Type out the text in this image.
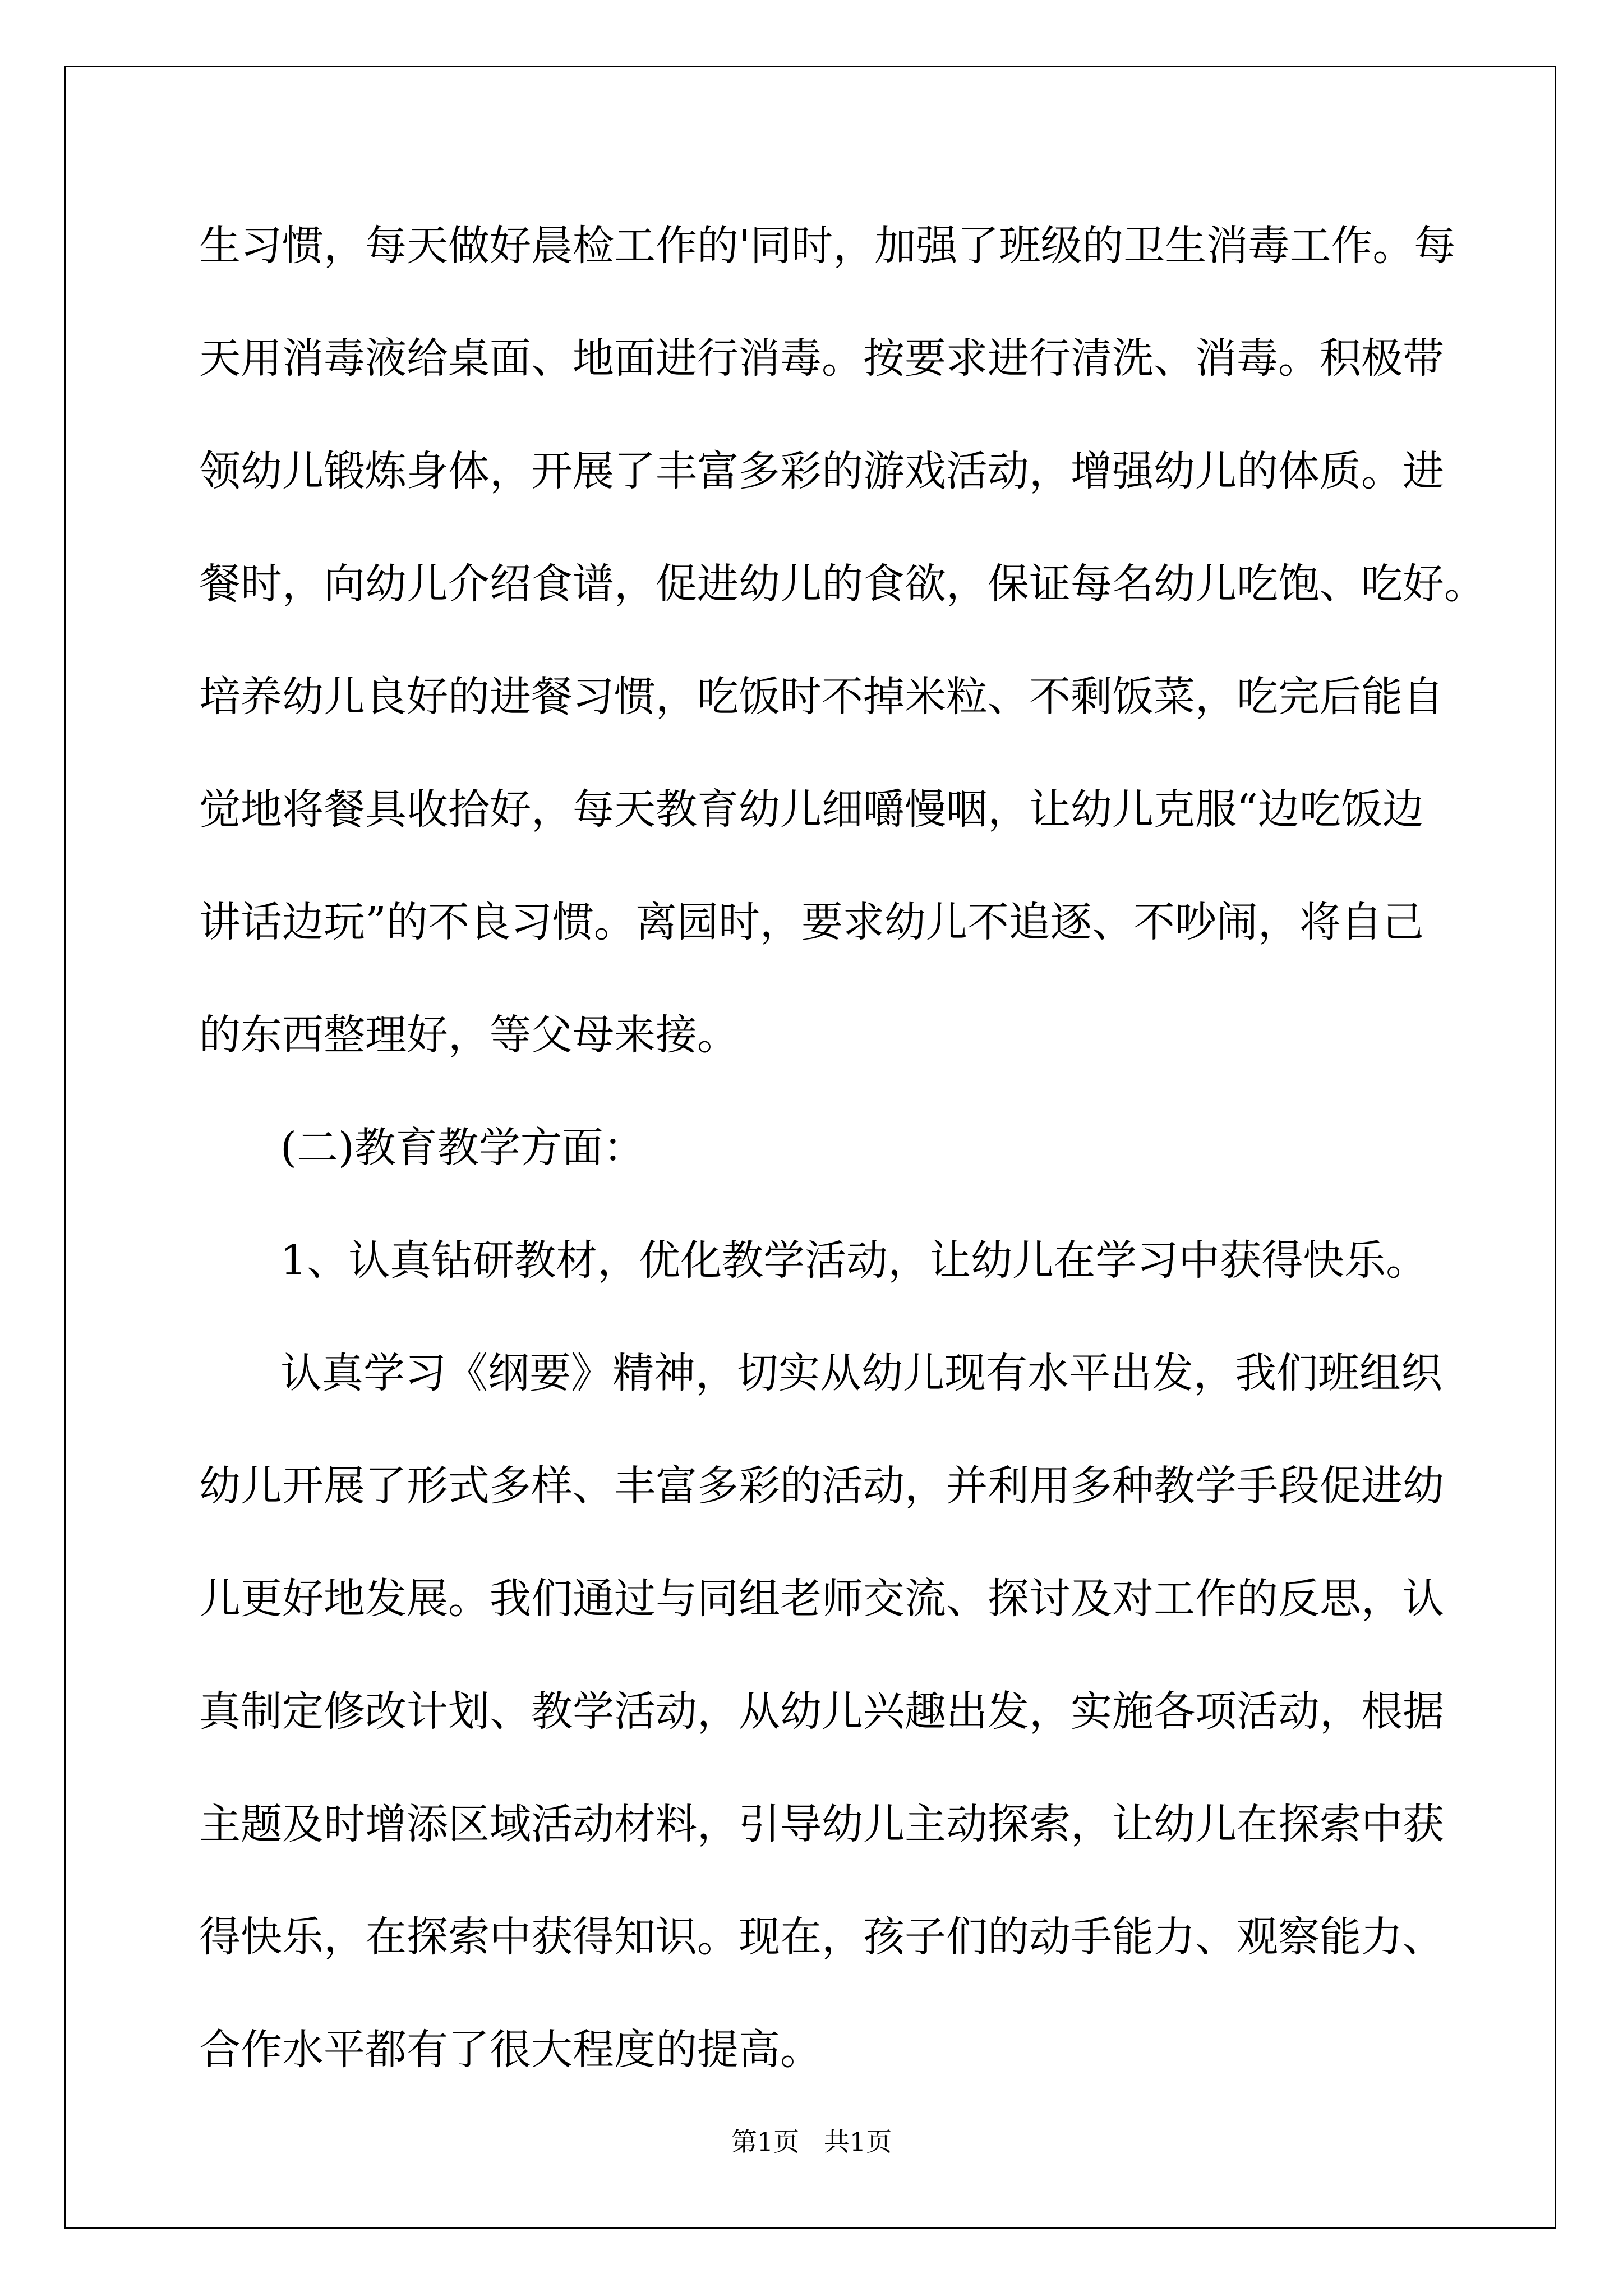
生习惯，每天做好晨检工作的'同时，加强了班级的卫生消毒工作。每

天用消毒液给桌面、地面进行消毒。按要求进行清洗、消毒。积极带

领幼儿锻炼身体，开展了丰富多彩的游戏活动，增强幼儿的体质。进

餐时，向幼儿介绍食谱，促进幼儿的食欲，保证每名幼儿吃饱、吃好。

培养幼儿良好的进餐习惯，吃饭时不掉米粒、不剩饭菜，吃完后能自

觉地将餐具收拾好，每天教育幼儿细嚼慢咽，让幼儿克服“边吃饭边

讲话边玩”的不良习惯。离园时，要求幼儿不追逐、不吵闹，将自己

的东西整理好，等父母来接。

(二)教育教学方面：

1、认真钻研教材，优化教学活动，让幼儿在学习中获得快乐。

认真学习《纲要》精神，切实从幼儿现有水平出发，我们班组织

幼儿开展了形式多样、丰富多彩的活动，并利用多种教学手段促进幼

儿更好地发展。我们通过与同组老师交流、探讨及对工作的反思，认

真制定修改计划、教学活动，从幼儿兴趣出发，实施各项活动，根据

主题及时增添区域活动材料，引导幼儿主动探索，让幼儿在探索中获

得快乐，在探索中获得知识。现在，孩子们的动手能力、观察能力、

合作水平都有了很大程度的提高。

第1页   共1页
